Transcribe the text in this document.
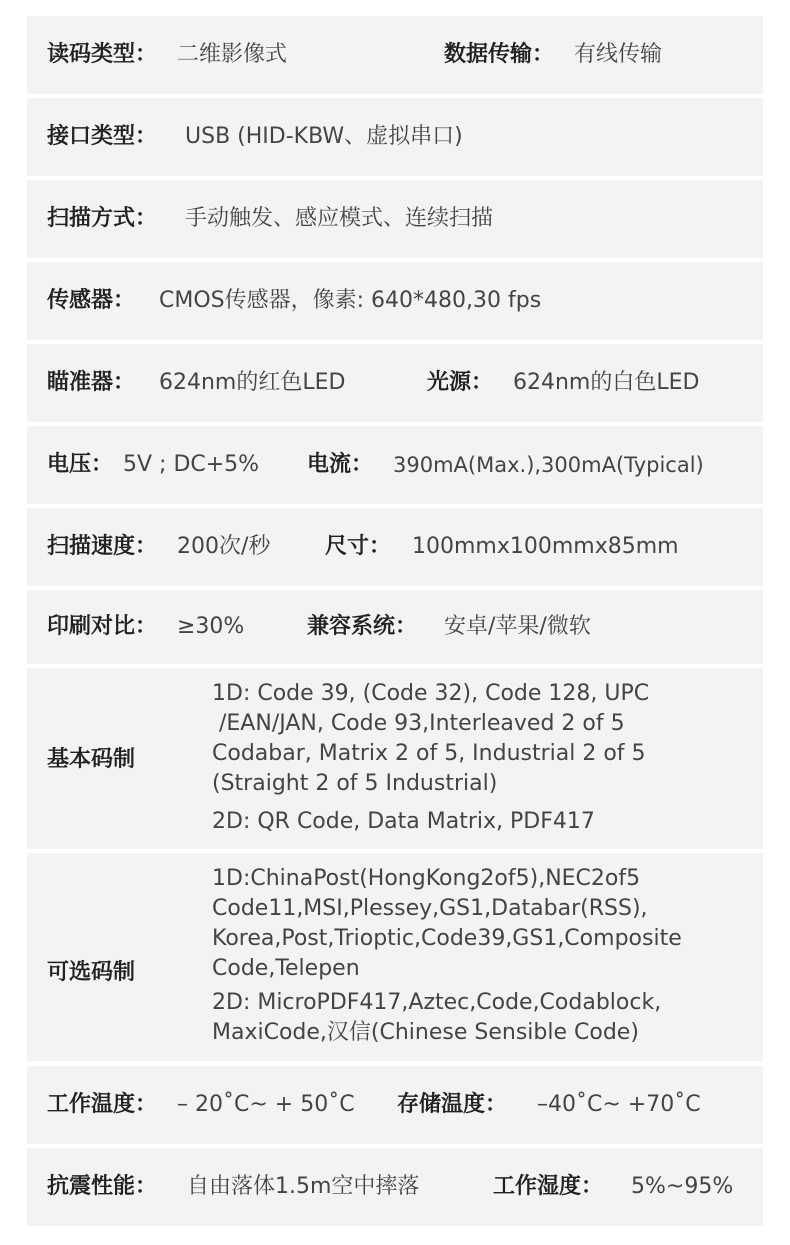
读码类型： 二维影像式	数据传输： 有线传输
接口类型： USB (HID-KBW、虚拟串口)
扫描方式： 手动触发、感应模式、连续扫描
传感器： CMOS传感器，像素: 640*480,30 fps
瞄准器： 624nm的红色LED	光源： 624nm的白色LED
电压： 5V ; DC+5% 电流： 390mA(Max.),300mA(Typical)
扫描速度： 200次/秒 尺寸： 100mmx100mmx85mm
印刷对比： ≥30%	兼容系统： 安卓/苹果/微软
基本码制
1D: Code 39, (Code 32), Code 128, UPC
/EAN/JAN, Code 93,Interleaved 2 of 5
Codabar, Matrix 2 of 5, Industrial 2 of 5
(Straight 2 of 5 Industrial)
2D: QR Code, Data Matrix, PDF417
可选码制
1D:ChinaPost(HongKong2of5),NEC2of5
Code11,MSI,Plessey,GS1,Databar(RSS),
Korea,Post,Trioptic,Code39,GS1,Composite
Code,Telepen
2D: MicroPDF417,Aztec,Code,Codablock,
MaxiCode,汉信(Chinese Sensible Code)
工作温度： – 20˚C~ + 50˚C 存储温度： –40˚C~ +70˚C
抗震性能： 自由落体1.5m空中摔落	工作湿度： 5%~95%
